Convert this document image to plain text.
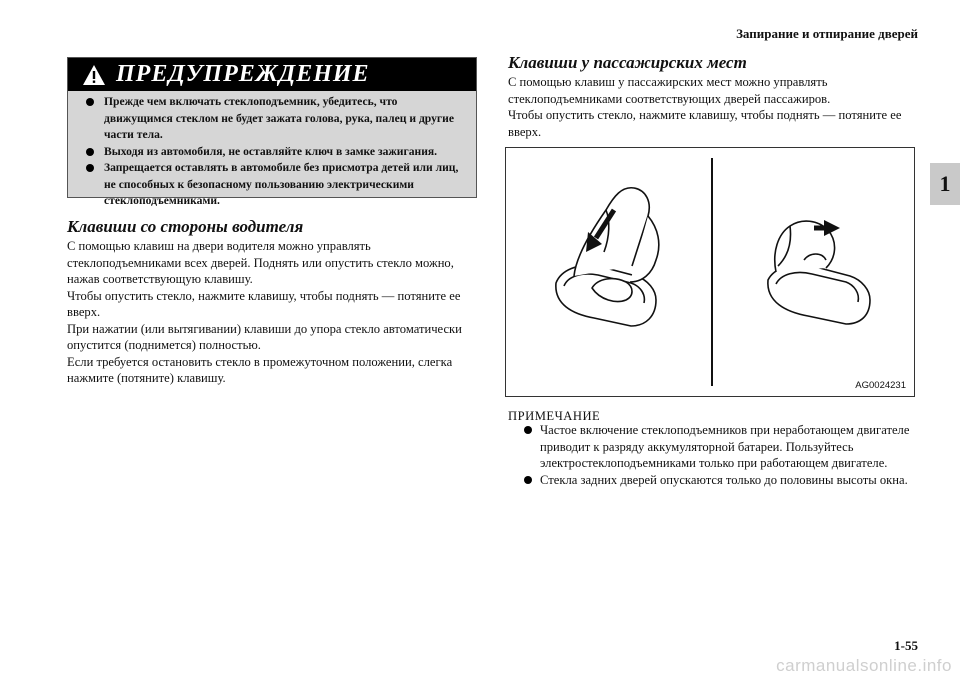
Запирание и отпирание дверей
1
ПРЕДУПРЕЖДЕНИЕ
Прежде чем включать стеклоподъемник, убедитесь, что движущимся стеклом не будет зажата голова, рука, палец и другие части тела.
Выходя из автомобиля, не оставляйте ключ в замке зажигания.
Запрещается оставлять в автомобиле без присмотра детей или лиц, не способных к безопасному пользованию электрическими стеклоподъемниками.
Клавиши со стороны водителя

С помощью клавиш на двери водителя можно управлять стеклоподъемниками всех дверей. Поднять или опустить стекло можно, нажав соответствующую клавишу.

Чтобы опустить стекло, нажмите клавишу, чтобы поднять — потяните ее вверх.

При нажатии (или вытягивании) клавиши до упора стекло автоматически опустится (поднимется) полностью.

Если требуется остановить стекло в промежуточном положении, слегка нажмите (потяните) клавишу.

Клавиши у пассажирских мест

С помощью клавиш у пассажирских мест можно управлять стеклоподъемниками соответствующих дверей пассажиров.

Чтобы опустить стекло, нажмите клавишу, чтобы поднять — потяните ее вверх.

AG0024231
ПРИМЕЧАНИЕ
Частое включение стеклоподъемников при неработающем двигателе приводит к разряду аккумуляторной батареи. Пользуйтесь электростеклоподъемниками только при работающем двигателе.
Стекла задних дверей опускаются только до половины высоты окна.
1-55
carmanualsonline.info
